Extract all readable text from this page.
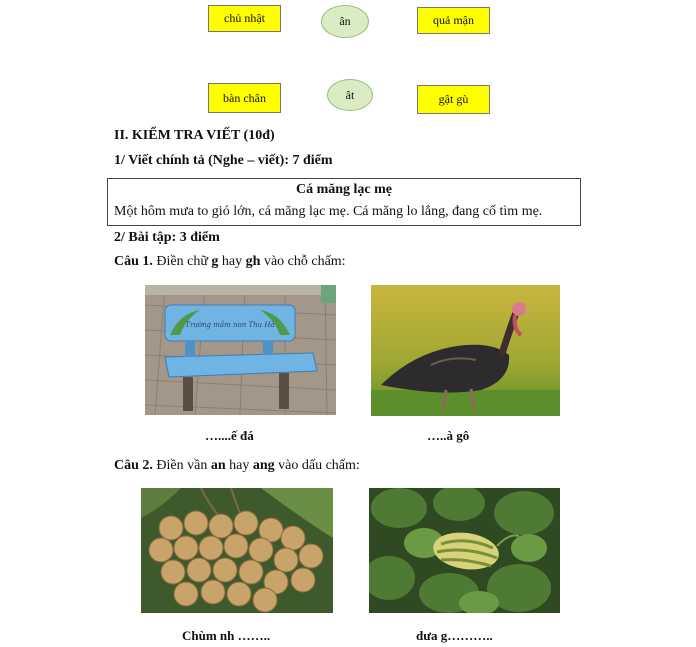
chủ nhật	ân	quả mận
bàn chân	ât	gật gù
II. KIỂM TRA VIẾT (10đ)
1/ Viết chính tả (Nghe – viết): 7 điểm
Cá măng lạc mẹ
Một hôm mưa to gió lớn, cá măng lạc mẹ. Cá măng lo lắng, đang cố tìm mẹ.
2/ Bài tập: 3 điểm
Câu 1. Điền chữ g hay gh vào chỗ chấm:
Trường mầm non Thu Hà
…....ế đá	…..à gô
Câu 2. Điền vần an hay ang vào dấu chấm:
Chùm nh ……..	dưa g………..
